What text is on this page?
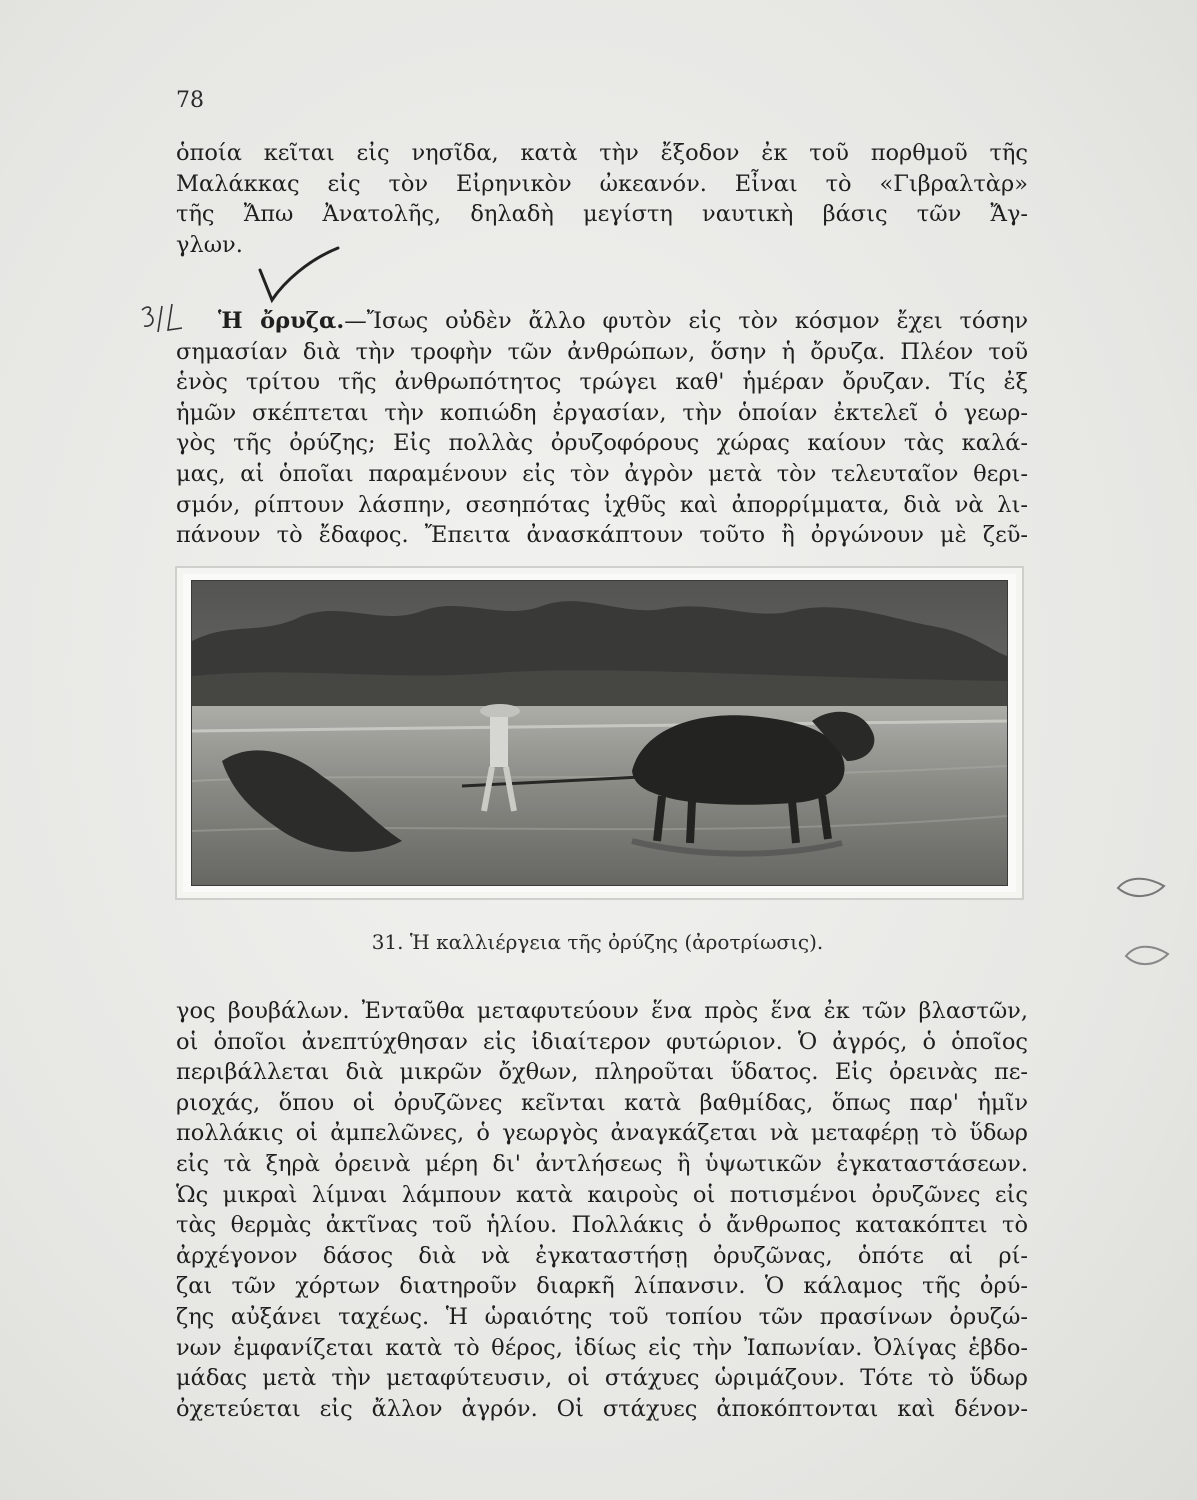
78
ὁποία κεῖται εἰς νησῖδα, κατὰ τὴν ἔξοδον ἐκ τοῦ πορθμοῦ τῆς
Μαλάκκας εἰς τὸν Εἰρηνικὸν ὠκεανόν. Εἶναι τὸ «Γιβραλτὰρ»
τῆς Ἄπω Ἀνατολῆς, δηλαδὴ μεγίστη ναυτικὴ βάσις τῶν Ἄγ-
γλων.
Ἡ ὄρυζα.—Ἴσως οὐδὲν ἄλλο φυτὸν εἰς τὸν κόσμον ἔχει τόσην
σημασίαν διὰ τὴν τροφὴν τῶν ἀνθρώπων, ὅσην ἡ ὄρυζα. Πλέον τοῦ
ἑνὸς τρίτου τῆς ἀνθρωπότητος τρώγει καθ' ἡμέραν ὄρυζαν. Τίς ἐξ
ἡμῶν σκέπτεται τὴν κοπιώδη ἐργασίαν, τὴν ὁποίαν ἐκτελεῖ ὁ γεωρ-
γὸς τῆς ὀρύζης; Εἰς πολλὰς ὀρυζοφόρους χώρας καίουν τὰς καλά-
μας, αἱ ὁποῖαι παραμένουν εἰς τὸν ἀγρὸν μετὰ τὸν τελευταῖον θερι-
σμόν, ρίπτουν λάσπην, σεσηπότας ἰχθῦς καὶ ἀπορρίμματα, διὰ νὰ λι-
πάνουν τὸ ἔδαφος. Ἔπειτα ἀνασκάπτουν τοῦτο ἢ ὀργώνουν μὲ ζεῦ-
31. Ἡ καλλιέργεια τῆς ὀρύζης (ἀροτρίωσις).
γος βουβάλων. Ἐνταῦθα μεταφυτεύουν ἕνα πρὸς ἕνα ἐκ τῶν βλαστῶν,
οἱ ὁποῖοι ἀνεπτύχθησαν εἰς ἰδιαίτερον φυτώριον. Ὁ ἀγρός, ὁ ὁποῖος
περιβάλλεται διὰ μικρῶν ὄχθων, πληροῦται ὕδατος. Εἰς ὀρεινὰς πε-
ριοχάς, ὅπου οἱ ὀρυζῶνες κεῖνται κατὰ βαθμίδας, ὅπως παρ' ἡμῖν
πολλάκις οἱ ἀμπελῶνες, ὁ γεωργὸς ἀναγκάζεται νὰ μεταφέρῃ τὸ ὕδωρ
εἰς τὰ ξηρὰ ὀρεινὰ μέρη δι' ἀντλήσεως ἢ ὑψωτικῶν ἐγκαταστάσεων.
Ὡς μικραὶ λίμναι λάμπουν κατὰ καιροὺς οἱ ποτισμένοι ὀρυζῶνες εἰς
τὰς θερμὰς ἀκτῖνας τοῦ ἡλίου. Πολλάκις ὁ ἄνθρωπος κατακόπτει τὸ
ἀρχέγονον δάσος διὰ νὰ ἐγκαταστήσῃ ὀρυζῶνας, ὁπότε αἱ ρί-
ζαι τῶν χόρτων διατηροῦν διαρκῆ λίπανσιν. Ὁ κάλαμος τῆς ὀρύ-
ζης αὐξάνει ταχέως. Ἡ ὡραιότης τοῦ τοπίου τῶν πρασίνων ὀρυζώ-
νων ἐμφανίζεται κατὰ τὸ θέρος, ἰδίως εἰς τὴν Ἰαπωνίαν. Ὀλίγας ἑβδο-
μάδας μετὰ τὴν μεταφύτευσιν, οἱ στάχυες ὡριμάζουν. Τότε τὸ ὕδωρ
ὀχετεύεται εἰς ἄλλον ἀγρόν. Οἱ στάχυες ἀποκόπτονται καὶ δένον-
